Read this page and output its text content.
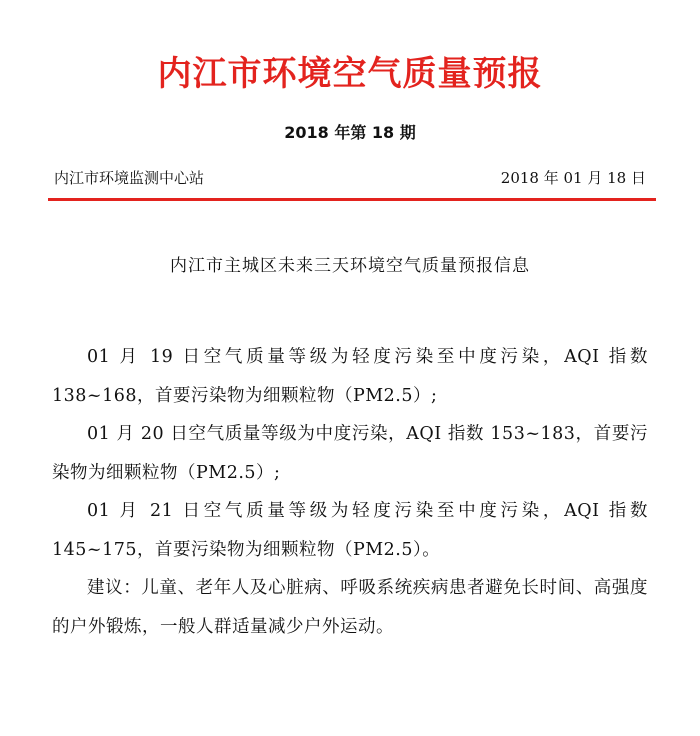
内江市环境空气质量预报
2018 年第 18 期
内江市环境监测中心站	2018 年 01 月 18 日
内江市主城区未来三天环境空气质量预报信息

01 月 19 日空气质量等级为轻度污染至中度污染，AQI 指数 138~168，首要污染物为细颗粒物（PM2.5）;

01 月 20 日空气质量等级为中度污染，AQI 指数 153~183，首要污染物为细颗粒物（PM2.5）;

01 月 21 日空气质量等级为轻度污染至中度污染，AQI 指数 145~175，首要污染物为细颗粒物（PM2.5）。

建议：儿童、老年人及心脏病、呼吸系统疾病患者避免长时间、高强度的户外锻炼，一般人群适量减少户外运动。
